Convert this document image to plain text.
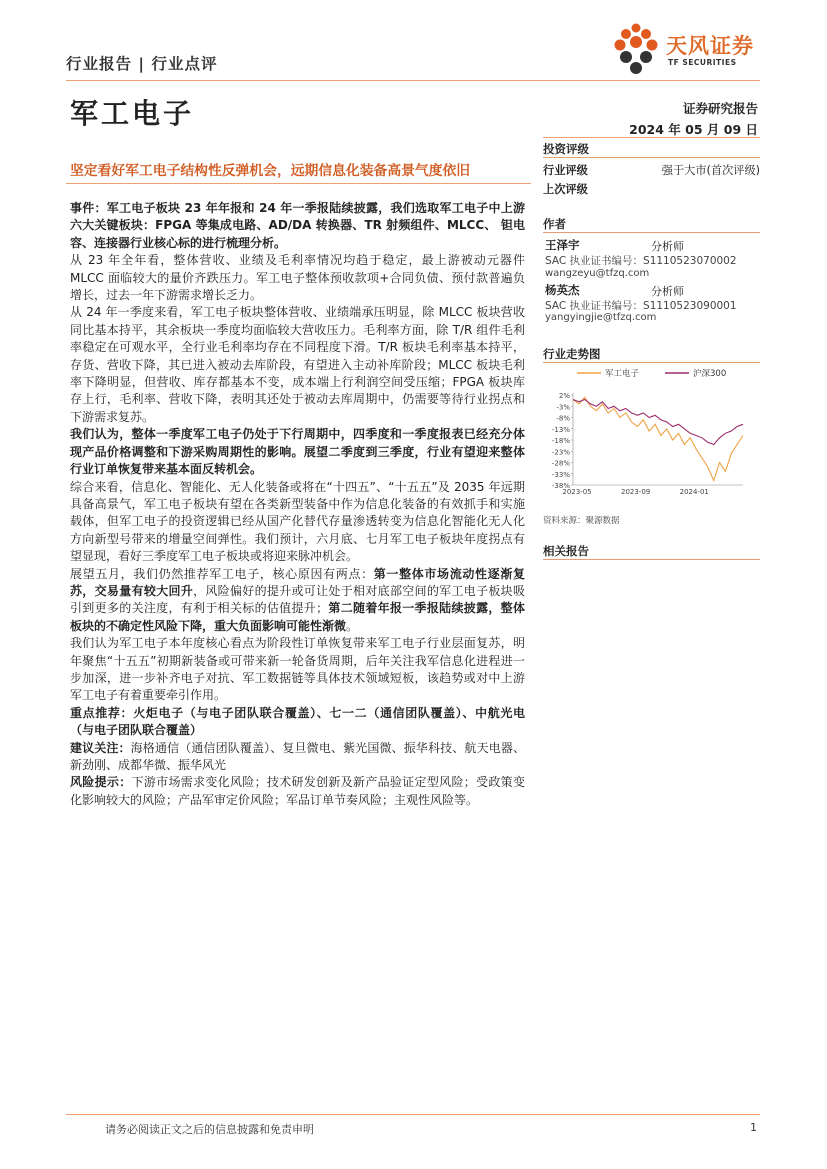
行业报告 | 行业点评
天风证券
TF SECURITIES
军工电子	证券研究报告
2024 年 05 月 09 日
坚定看好军工电子结构性反弹机会，远期信息化装备高景气度依旧

事件：军工电子板块 23 年年报和 24 年一季报陆续披露，我们选取军工电子中上游六大关键板块：FPGA 等集成电路、AD/DA 转换器、TR 射频组件、MLCC、 钽电容、连接器行业核心标的进行梳理分析。

从 23 年全年看，整体营收、业绩及毛利率情况均趋于稳定，最上游被动元器件 MLCC 面临较大的量价齐跌压力。军工电子整体预收款项+合同负债、预付款普遍负增长，过去一年下游需求增长乏力。

从 24 年一季度来看，军工电子板块整体营收、业绩端承压明显，除 MLCC 板块营收同比基本持平，其余板块一季度均面临较大营收压力。毛利率方面，除 T/R 组件毛利率稳定在可观水平，全行业毛利率均存在不同程度下滑。T/R 板块毛利率基本持平，存货、营收下降，其已进入被动去库阶段，有望进入主动补库阶段；MLCC 板块毛利率下降明显，但营收、库存都基本不变，成本端上行利润空间受压缩；FPGA 板块库存上行，毛利率、营收下降，表明其还处于被动去库周期中，仍需要等待行业拐点和下游需求复苏。

我们认为，整体一季度军工电子仍处于下行周期中，四季度和一季度报表已经充分体现产品价格调整和下游采购周期性的影响。展望二季度到三季度，行业有望迎来整体行业订单恢复带来基本面反转机会。

综合来看，信息化、智能化、无人化装备或将在“十四五”、“十五五”及 2035 年远期具备高景气，军工电子板块有望在各类新型装备中作为信息化装备的有效抓手和实施载体，但军工电子的投资逻辑已经从国产化替代存量渗透转变为信息化智能化无人化方向新型号带来的增量空间弹性。我们预计，六月底、七月军工电子板块年度拐点有望显现，看好三季度军工电子板块或将迎来脉冲机会。

展望五月，我们仍然推荐军工电子，核心原因有两点：第一整体市场流动性逐渐复苏，交易量有较大回升，风险偏好的提升或可让处于相对底部空间的军工电子板块吸引到更多的关注度，有利于相关标的估值提升；第二随着年报一季报陆续披露，整体板块的不确定性风险下降，重大负面影响可能性渐微。

我们认为军工电子本年度核心看点为阶段性订单恢复带来军工电子行业层面复苏，明年聚焦“十五五”初期新装备或可带来新一轮备货周期，后年关注我军信息化进程进一步加深，进一步补齐电子对抗、军工数据链等具体技术领域短板，该趋势或对中上游军工电子有着重要牵引作用。

重点推荐：火炬电子（与电子团队联合覆盖）、七一二（通信团队覆盖）、中航光电（与电子团队联合覆盖）

建议关注：海格通信（通信团队覆盖）、复旦微电、紫光国微、振华科技、航天电器、新劲刚、成都华微、振华风光

风险提示：下游市场需求变化风险；技术研发创新及新产品验证定型风险；受政策变化影响较大的风险；产品军审定价风险；军品订单节奏风险；主观性风险等。

投资评级
行业评级	强于大市(首次评级)
上次评级
作者
王泽宇	分析师
SAC 执业证书编号：S1110523070002
wangzeyu@tfzq.com
杨英杰	分析师
SAC 执业证书编号：S1110523090001
yangyingjie@tfzq.com
行业走势图
军工电子	沪深300
2%
-3%
-8%
-13%
-18%
-23%
-28%
-33%
-38%
2023-05	2023-09	2024-01
资料来源：聚源数据
相关报告
请务必阅读正文之后的信息披露和免责申明	1
